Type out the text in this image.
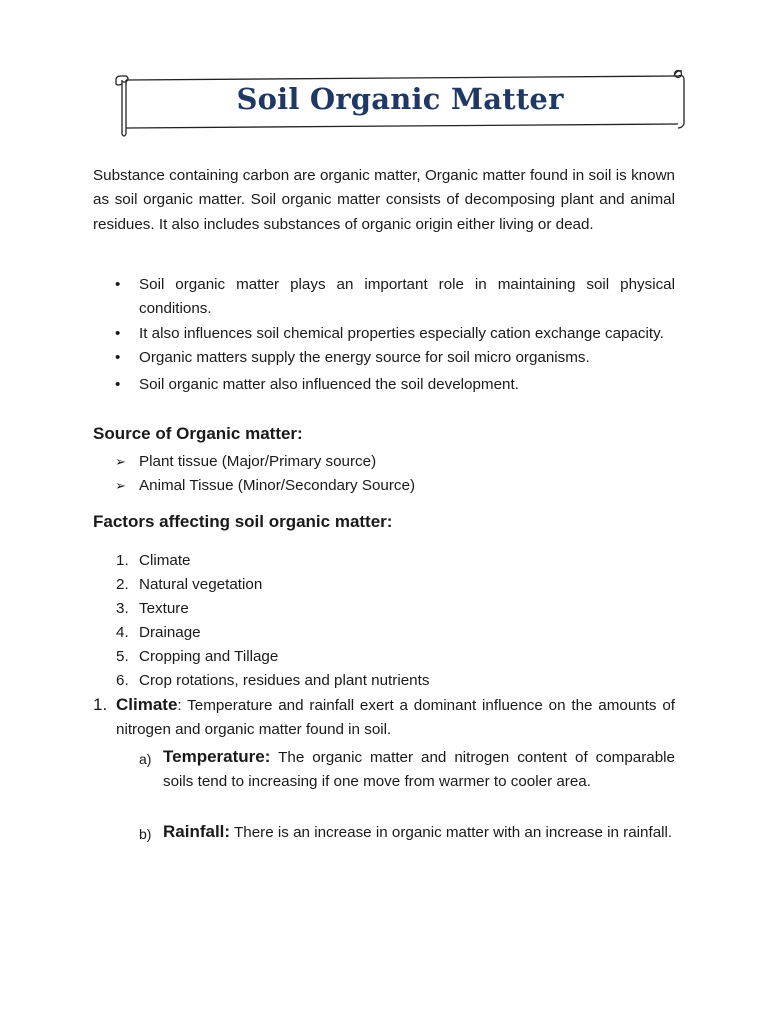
Soil Organic Matter

Substance containing carbon are organic matter, Organic matter found in soil is known as soil organic matter. Soil organic matter consists of decomposing plant and animal residues. It also includes substances of organic origin either living or dead.

• Soil organic matter plays an important role in maintaining soil physical conditions.
• It also influences soil chemical properties especially cation exchange capacity.
• Organic matters supply the energy source for soil micro organisms.
• Soil organic matter also influenced the soil development.
Source of Organic matter:
➢ Plant tissue (Major/Primary source)
➢ Animal Tissue (Minor/Secondary Source)
Factors affecting soil organic matter:
1. Climate
2. Natural vegetation
3. Texture
4. Drainage
5. Cropping and Tillage
6. Crop rotations, residues and plant nutrients
1. Climate: Temperature and rainfall exert a dominant influence on the amounts of nitrogen and organic matter found in soil.
a) Temperature: The organic matter and nitrogen content of comparable soils tend to increasing if one move from warmer to cooler area.
b) Rainfall: There is an increase in organic matter with an increase in rainfall.
